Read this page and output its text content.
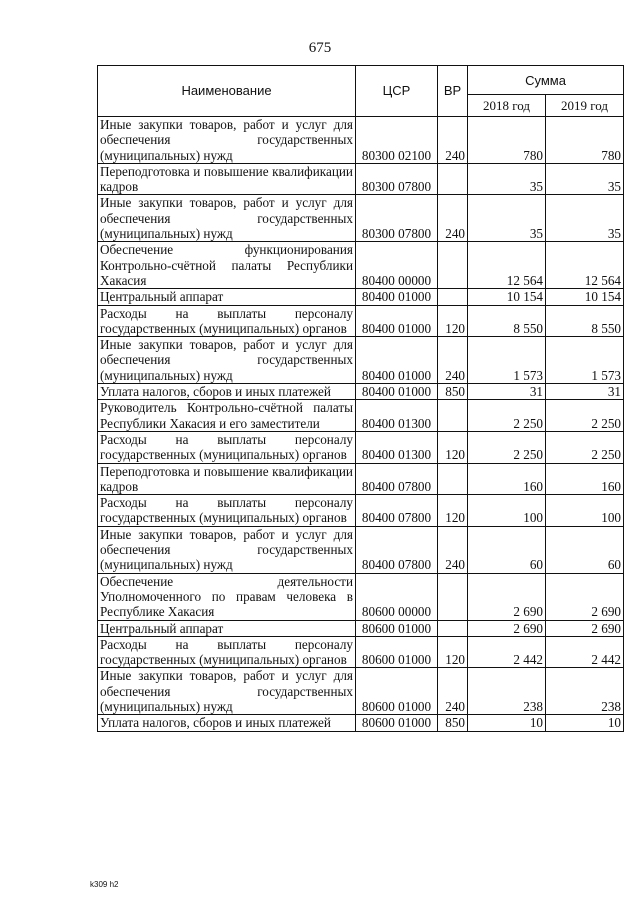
675
Наименование	ЦСР	ВР	Сумма	
			2018 год	2019 год
Иные закупки товаров, работ и услуг для обеспечения государственных (муниципальных) нужд	80300 02100	240	780	780
Переподготовка и повышение квалификации кадров	80300 07800		35	35
Иные закупки товаров, работ и услуг для обеспечения государственных (муниципальных) нужд	80300 07800	240	35	35
Обеспечение функционирования Контрольно-счётной палаты Республики Хакасия	80400 00000		12 564	12 564
Центральный аппарат	80400 01000		10 154	10 154
Расходы на выплаты персоналу государственных (муниципальных) органов	80400 01000	120	8 550	8 550
Иные закупки товаров, работ и услуг для обеспечения государственных (муниципальных) нужд	80400 01000	240	1 573	1 573
Уплата налогов, сборов и иных платежей	80400 01000	850	31	31
Руководитель Контрольно-счётной палаты Республики Хакасия и его заместители	80400 01300		2 250	2 250
Расходы на выплаты персоналу государственных (муниципальных) органов	80400 01300	120	2 250	2 250
Переподготовка и повышение квалификации кадров	80400 07800		160	160
Расходы на выплаты персоналу государственных (муниципальных) органов	80400 07800	120	100	100
Иные закупки товаров, работ и услуг для обеспечения государственных (муниципальных) нужд	80400 07800	240	60	60
Обеспечение деятельности Уполномоченного по правам человека в Республике Хакасия	80600 00000		2 690	2 690
Центральный аппарат	80600 01000		2 690	2 690
Расходы на выплаты персоналу государственных (муниципальных) органов	80600 01000	120	2 442	2 442
Иные закупки товаров, работ и услуг для обеспечения государственных (муниципальных) нужд	80600 01000	240	238	238
Уплата налогов, сборов и иных платежей	80600 01000	850	10	10
k309 h2
